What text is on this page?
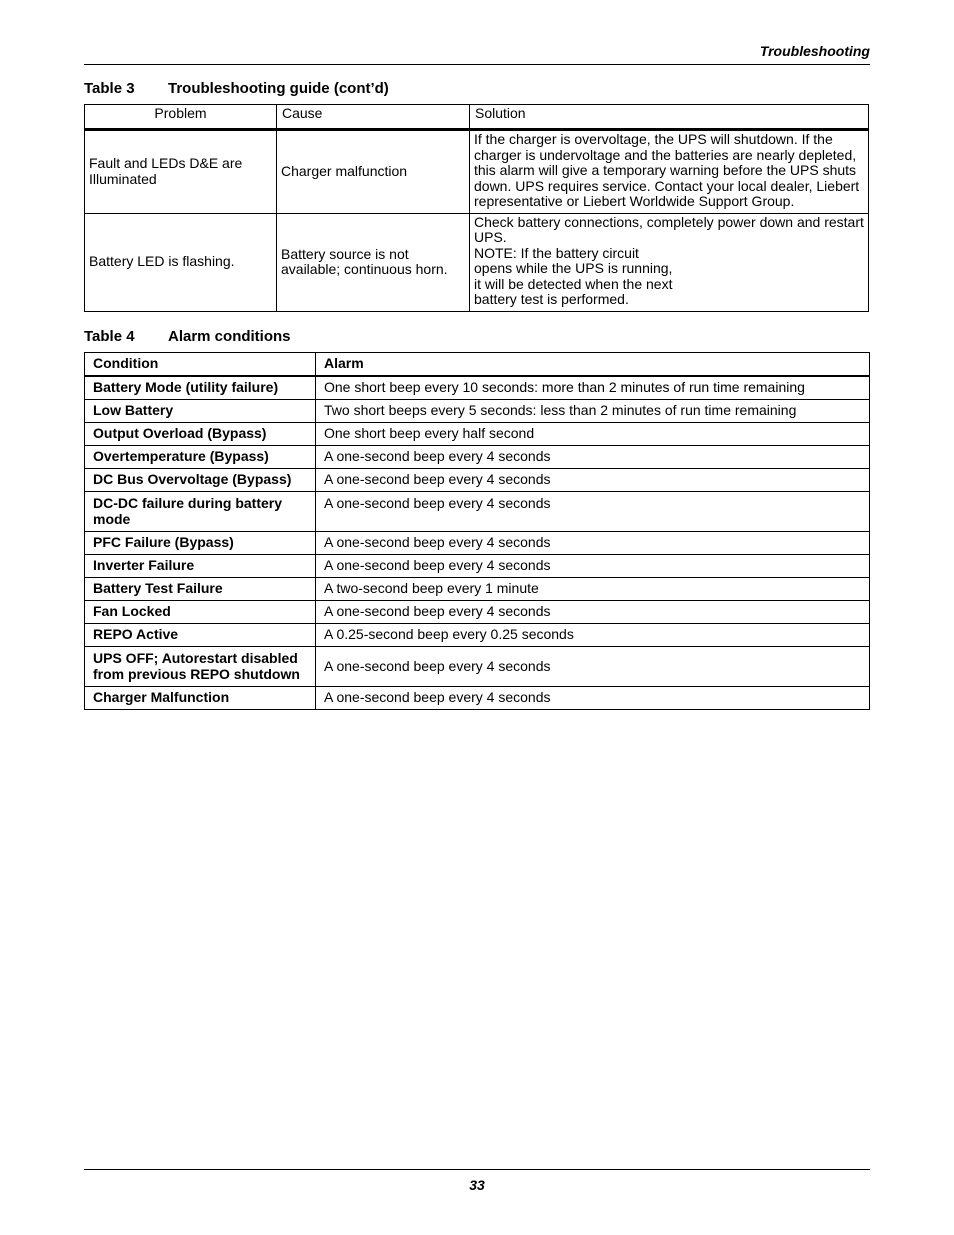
Troubleshooting
Table 3 Troubleshooting guide (cont’d)
Problem	Cause	Solution
Fault and LEDs D&E are Illuminated	Charger malfunction	If the charger is overvoltage, the UPS will shutdown. If the charger is undervoltage and the batteries are nearly depleted, this alarm will give a temporary warning before the UPS shuts down. UPS requires service. Contact your local dealer, Liebert representative or Liebert Worldwide Support Group.

Battery LED is flashing.	Battery source is not available; continuous horn.	Check battery connections, completely power down and restart UPS.
NOTE: If the battery circuit
opens while the UPS is running,
it will be detected when the next
battery test is performed.
Table 4 Alarm conditions
Condition	Alarm
Battery Mode (utility failure)	One short beep every 10 seconds: more than 2 minutes of run time remaining
Low Battery	Two short beeps every 5 seconds: less than 2 minutes of run time remaining
Output Overload (Bypass)	One short beep every half second
Overtemperature (Bypass)	A one-second beep every 4 seconds
DC Bus Overvoltage (Bypass)	A one-second beep every 4 seconds
DC-DC failure during battery mode	A one-second beep every 4 seconds
PFC Failure (Bypass)	A one-second beep every 4 seconds
Inverter Failure	A one-second beep every 4 seconds
Battery Test Failure	A two-second beep every 1 minute
Fan Locked	A one-second beep every 4 seconds
REPO Active	A 0.25-second beep every 0.25 seconds
UPS OFF; Autorestart disabled from previous REPO shutdown	A one-second beep every 4 seconds
Charger Malfunction	A one-second beep every 4 seconds
33
